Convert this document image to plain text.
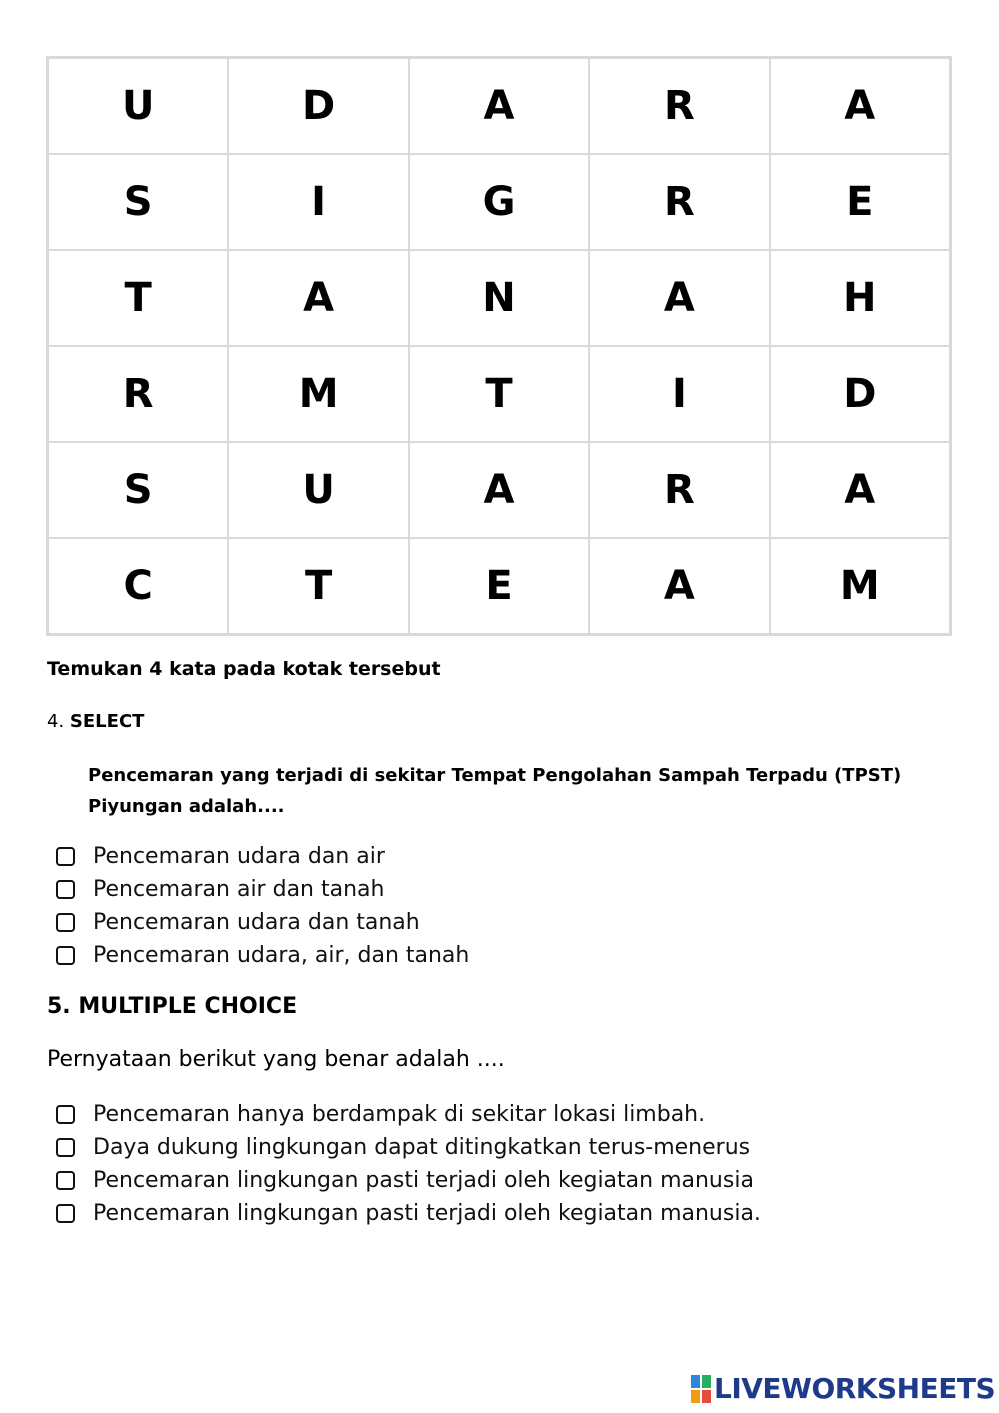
U	D	A	R	A
S	I	G	R	E
T	A	N	A	H
R	M	T	I	D
S	U	A	R	A
C	T	E	A	M
Temukan 4 kata pada kotak tersebut
4. SELECT
Pencemaran yang terjadi di sekitar Tempat Pengolahan Sampah Terpadu (TPST) Piyungan adalah....
Pencemaran udara dan air
Pencemaran air dan tanah
Pencemaran udara dan tanah
Pencemaran udara, air, dan tanah
5. MULTIPLE CHOICE
Pernyataan berikut yang benar adalah ....
Pencemaran hanya berdampak di sekitar lokasi limbah.
Daya dukung lingkungan dapat ditingkatkan terus-menerus
Pencemaran lingkungan pasti terjadi oleh kegiatan manusia
Pencemaran lingkungan pasti terjadi oleh kegiatan manusia.
LIVEWORKSHEETS
